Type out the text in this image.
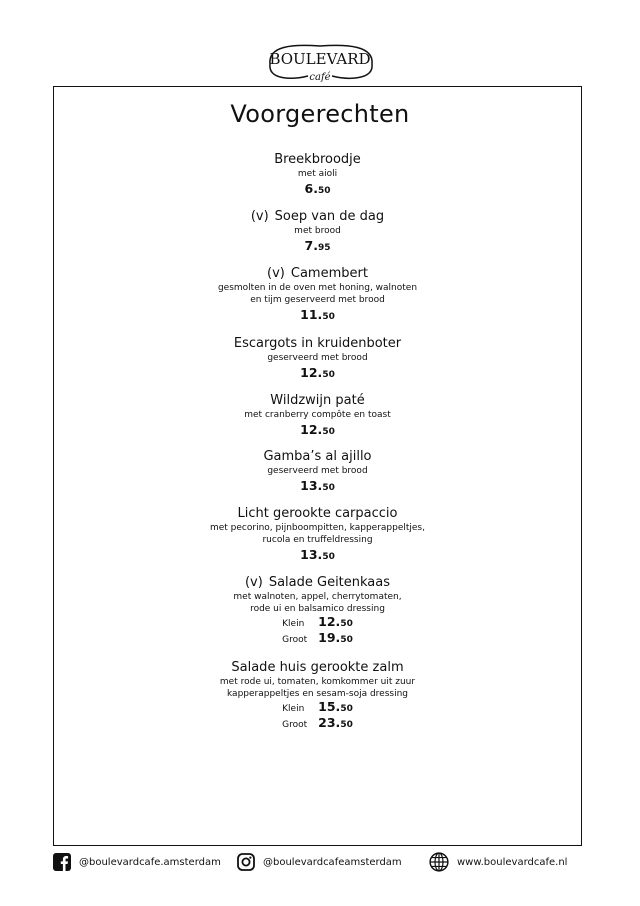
BOULEVARD
café
Voorgerechten
Breekbroodje
met aioli
6.50
(v) Soep van de dag
met brood
7.95
(v) Camembert
gesmolten in de oven met honing, walnoten
en tijm geserveerd met brood
11.50
Escargots in kruidenboter
geserveerd met brood
12.50
Wildzwijn paté
met cranberry compôte en toast
12.50
Gamba’s al ajillo
geserveerd met brood
13.50
Licht gerookte carpaccio
met pecorino, pijnboompitten, kapperappeltjes,
rucola en truffeldressing
13.50
(v) Salade Geitenkaas
met walnoten, appel, cherrytomaten,
rode ui en balsamico dressing
Klein 12.50
Groot 19.50
Salade huis gerookte zalm
met rode ui, tomaten, komkommer uit zuur
kapperappeltjes en sesam-soja dressing
Klein 15.50
Groot 23.50
@boulevardcafe.amsterdam	@boulevardcafeamsterdam	www.boulevardcafe.nl
